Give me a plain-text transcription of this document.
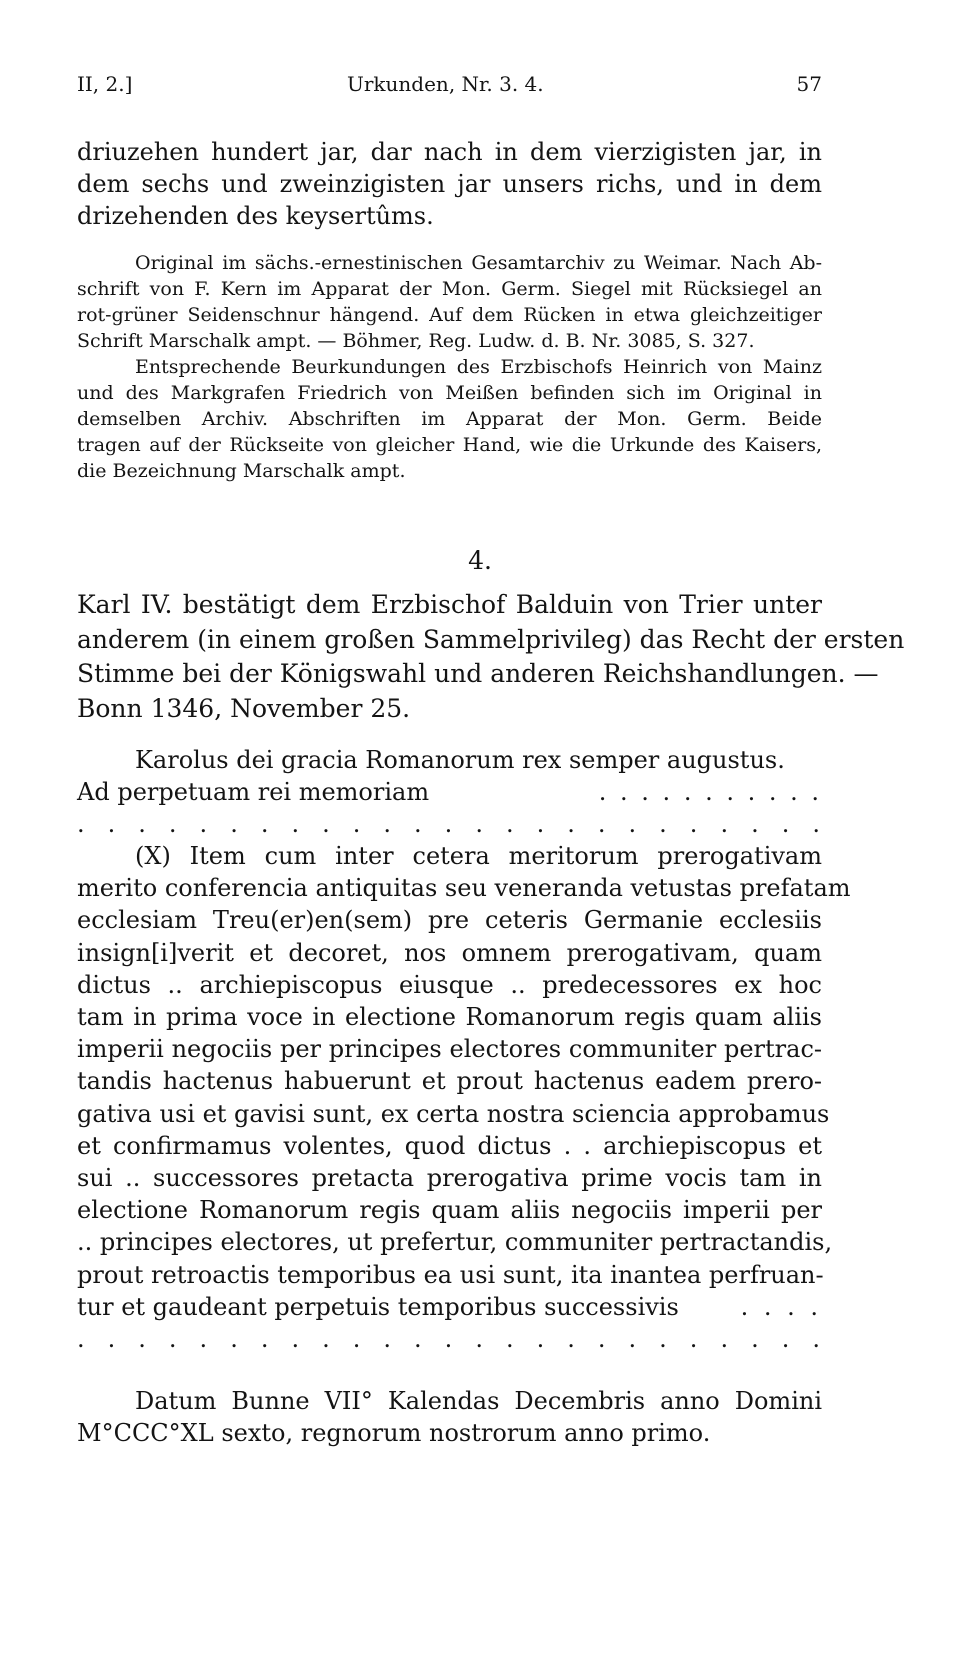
II, 2.]	Urkunden, Nr. 3. 4.	57
driuzehen hundert jar, dar nach in dem vierzigisten jar, in
dem sechs und zweinzigisten jar unsers richs, und in dem
drizehenden des keysertûms.
Original im sächs.-ernestinischen Gesamtarchiv zu Weimar. Nach Ab-
schrift von F. Kern im Apparat der Mon. Germ. Siegel mit Rücksiegel an
rot-grüner Seidenschnur hängend. Auf dem Rücken in etwa gleichzeitiger
Schrift Marschalk ampt. — Böhmer, Reg. Ludw. d. B. Nr. 3085, S. 327.
Entsprechende Beurkundungen des Erzbischofs Heinrich von Mainz
und des Markgrafen Friedrich von Meißen befinden sich im Original in
demselben Archiv. Abschriften im Apparat der Mon. Germ. Beide
tragen auf der Rückseite von gleicher Hand, wie die Urkunde des Kaisers,
die Bezeichnung Marschalk ampt.
4.
Karl IV. bestätigt dem Erzbischof Balduin von Trier unter
anderem (in einem großen Sammelprivileg) das Recht der ersten
Stimme bei der Königswahl und anderen Reichshandlungen. —
Bonn 1346, November 25.
Karolus dei gracia Romanorum rex semper augustus.
Ad perpetuam rei memoriam	. . . . . . . . . . .
. . . . . . . . . . . . . . . . . . . . . . . . .
(X) Item cum inter cetera meritorum prerogativam
merito conferencia antiquitas seu veneranda vetustas prefatam
ecclesiam Treu(er)en(sem) pre ceteris Germanie ecclesiis
insign[i]verit et decoret, nos omnem prerogativam, quam
dictus .. archiepiscopus eiusque .. predecessores ex hoc
tam in prima voce in electione Romanorum regis quam aliis
imperii negociis per principes electores communiter pertrac-
tandis hactenus habuerunt et prout hactenus eadem prero-
gativa usi et gavisi sunt, ex certa nostra sciencia approbamus
et confirmamus volentes, quod dictus . . archiepiscopus et
sui .. successores pretacta prerogativa prime vocis tam in
electione Romanorum regis quam aliis negociis imperii per
.. principes electores, ut prefertur, communiter pertractandis,
prout retroactis temporibus ea usi sunt, ita inantea perfruan-
tur et gaudeant perpetuis temporibus successivis	. . . .
. . . . . . . . . . . . . . . . . . . . . . . . .
Datum Bunne VII° Kalendas Decembris anno Domini
M°CCC°XL sexto, regnorum nostrorum anno primo.
